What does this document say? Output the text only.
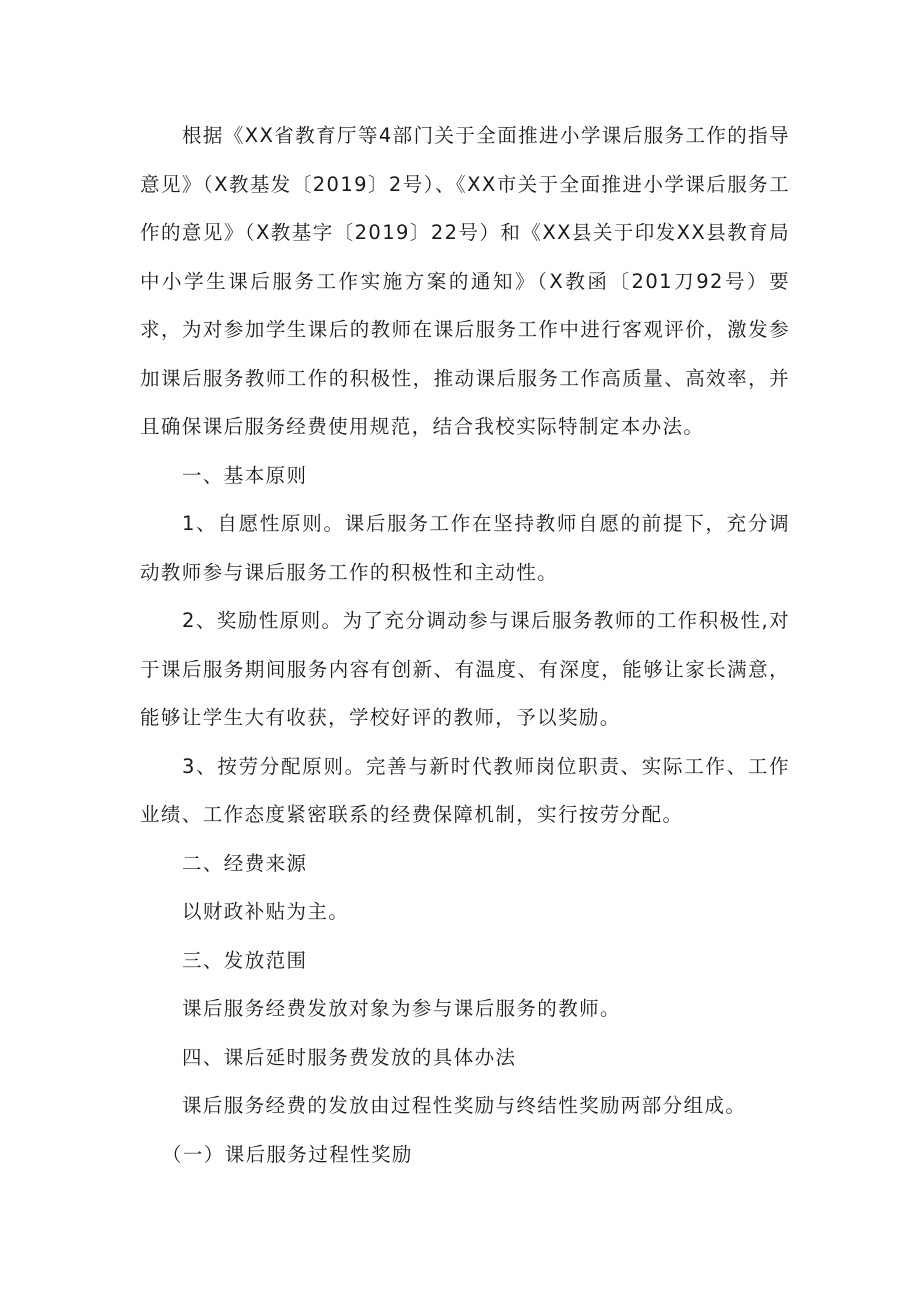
根据《XX省教育厅等4部门关于全面推进小学课后服务工作的指导意见》（X教基发〔2019〕2号）、《XX市关于全面推进小学课后服务工作的意见》（X教基字〔2019〕22号）和《XX县关于印发XX县教育局中小学生课后服务工作实施方案的通知》（X教函〔201刀92号）要求，为对参加学生课后的教师在课后服务工作中进行客观评价，激发参加课后服务教师工作的积极性，推动课后服务工作高质量、高效率，并且确保课后服务经费使用规范，结合我校实际特制定本办法。

一、基本原则

1、自愿性原则。课后服务工作在坚持教师自愿的前提下，充分调动教师参与课后服务工作的积极性和主动性。

2、奖励性原则。为了充分调动参与课后服务教师的工作积极性,对于课后服务期间服务内容有创新、有温度、有深度，能够让家长满意，能够让学生大有收获，学校好评的教师，予以奖励。

3、按劳分配原则。完善与新时代教师岗位职责、实际工作、工作业绩、工作态度紧密联系的经费保障机制，实行按劳分配。

二、经费来源

以财政补贴为主。

三、发放范围

课后服务经费发放对象为参与课后服务的教师。

四、课后延时服务费发放的具体办法

课后服务经费的发放由过程性奖励与终结性奖励两部分组成。

（一）课后服务过程性奖励
